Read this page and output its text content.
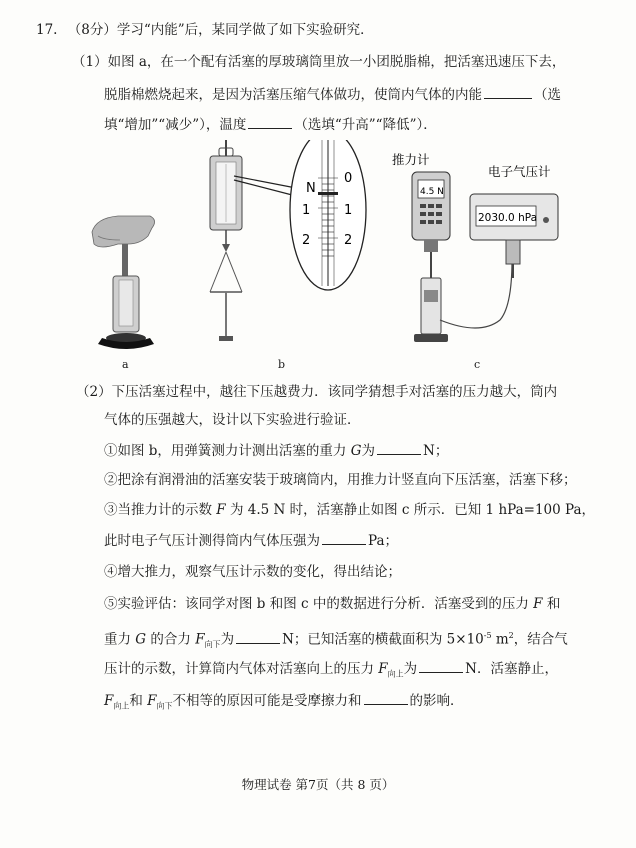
17. （8分）学习“内能”后，某同学做了如下实验研究．
（1）如图 a，在一个配有活塞的厚玻璃筒里放一小团脱脂棉，把活塞迅速压下去，
脱脂棉燃烧起来，是因为活塞压缩气体做功，使筒内气体的内能	（选
填“增加”“减少”），温度	（选填“升高”“降低”）．
N
1
2
0
1
2
推力计
4.5 N
电子气压计
2030.0 hPa
a	b	c
（2）下压活塞过程中，越往下压越费力．该同学猜想手对活塞的压力越大，筒内
气体的压强越大，设计以下实验进行验证．
①如图 b，用弹簧测力计测出活塞的重力 G为	N；
②把涂有润滑油的活塞安装于玻璃筒内，用推力计竖直向下压活塞，活塞下移；
③当推力计的示数 F 为 4.5 N 时，活塞静止如图 c 所示．已知 1 hPa=100 Pa，
此时电子气压计测得筒内气体压强为	Pa；
④增大推力，观察气压计示数的变化，得出结论；
⑤实验评估：该同学对图 b 和图 c 中的数据进行分析．活塞受到的压力 F 和
重力 G 的合力 $F_{向下}$为	N；已知活塞的横截面积为 $5\times 10^{-5}$ $m^2$，结合气
压计的示数，计算筒内气体对活塞向上的压力 $F_{向上}$为	N．活塞静止，
$F_{向上}$和 $F_{向下}$不相等的原因可能是受摩擦力和	的影响．
物理试卷 第7页（共 8 页）
